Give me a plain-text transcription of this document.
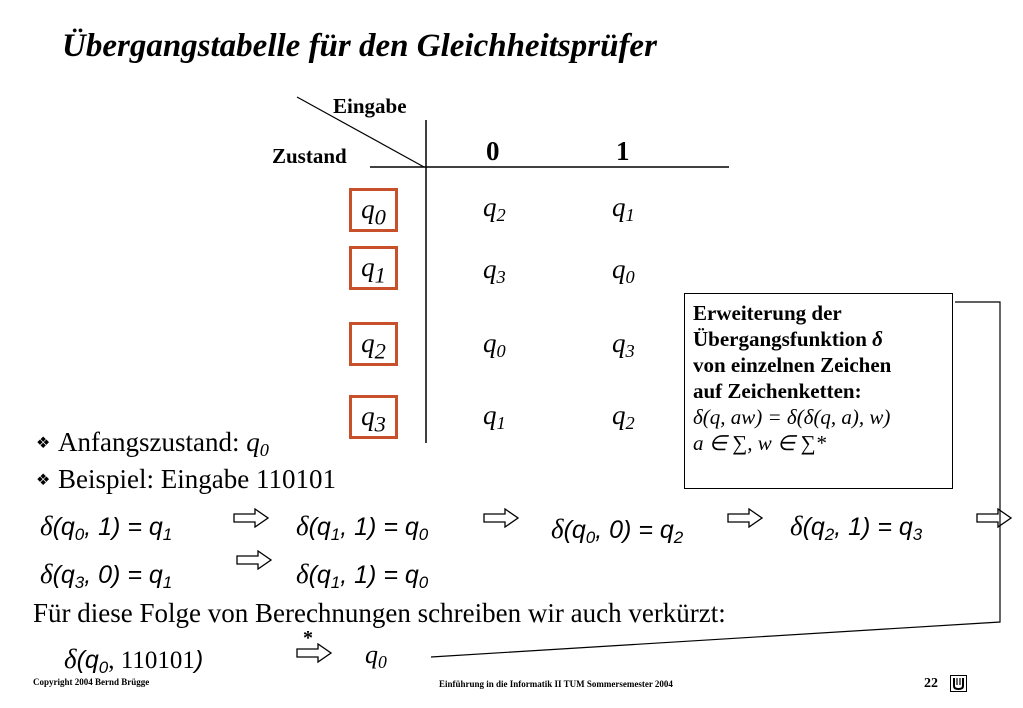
Übergangstabelle für den Gleichheitsprüfer
Eingabe
Zustand	0	1
$q_0$	$q_2$	$q_1$
$q_1$	$q_3$	$q_0$
$q_2$	$q_0$	$q_3$
$q_3$	$q_1$	$q_2$
Erweiterung der
Übergangsfunktion δ
von einzelnen Zeichen
auf Zeichenketten:
δ(q, aw) = δ(δ(q, a), w)
a ∈ ∑, w ∈ ∑*
❖ Anfangszustand: $q_0$
❖ Beispiel: Eingabe 110101
$\delta(q_0$, $1) = q_1$	$\delta(q_1$, $1) = q_0$	$\delta(q_0$, $0) = q_2$	$\delta(q_2$, $1) = q_3$
$\delta(q_3$, $0) = q_1$	$\delta(q_1$, $1) = q_0$
Für diese Folge von Berechnungen schreiben wir auch verkürzt:
$\delta(q_0$, 110101)
*
$q_0$
Copyright 2004 Bernd Brügge	Einführung in die Informatik II TUM Sommersemester 2004	22
